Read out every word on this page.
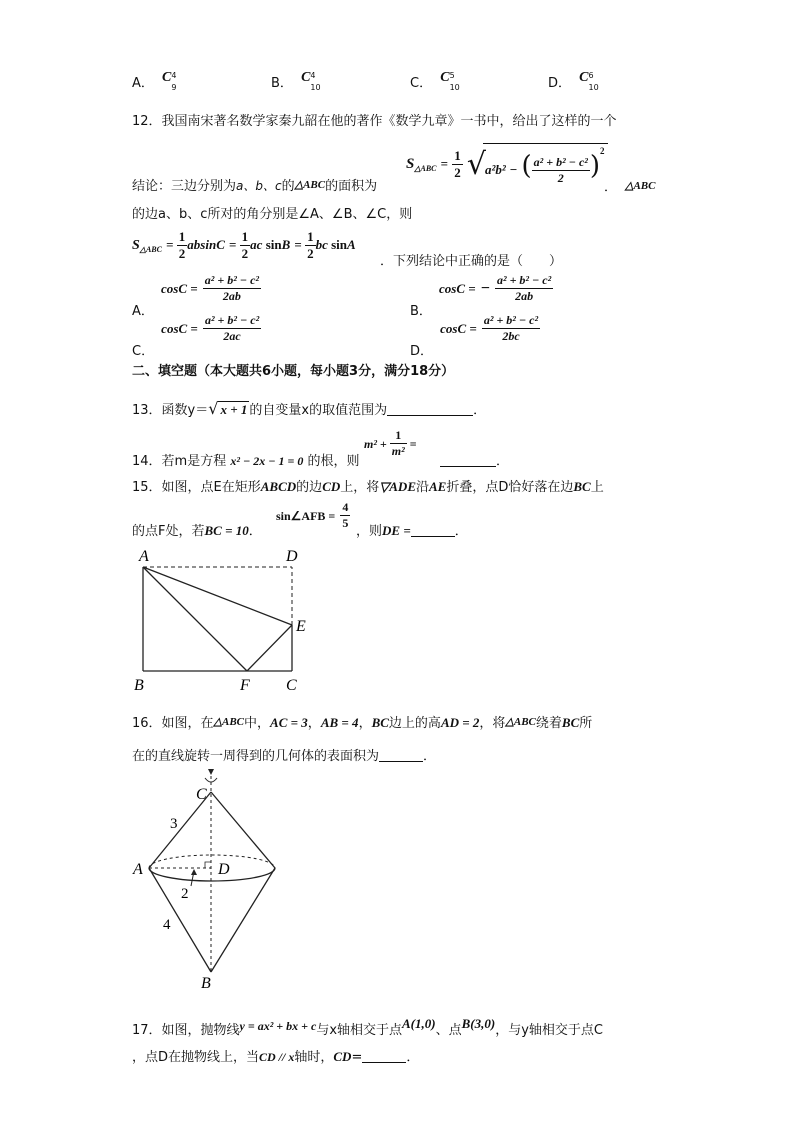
A． C 4
9	B． C 4
10	C． C 5
10	D． C 6
10
12．我国南宋著名数学家秦九韶在他的著作《数学九章》一书中，给出了这样的一个
$S_{\triangle ABC} = \frac{1}{2} √a^2b^2$ − ( $\frac{\text{a² + b² − c²}}{2} )^2$
结论：三边分别为a、b、c的△ABC的面积为	． △ABC
的边a、b、c所对的角分别是∠A、∠B、∠C，则
$S_{\triangle ABC} = \frac{1}{2}$ $absinC = \frac{1}{2}$ ac $\sin B = \frac{1}{2}$ bc sinA
．下列结论中正确的是（　　）
$_{A.}$ $\cos C = \frac{\text{a² + b² − c²}}{2ab}$
$_{B.}$ cosC = − $\frac{\text{a² + b² − c²}}{2ab}$
$_{C.}$ $\cos C = \frac{\text{a² + b² − c²}}{2ac}$
$_{D.}$ $\cos C = \frac{\text{a² + b² − c²}}{2bc}$
二、填空题（本大题共6小题，每小题3分，满分18分）
13．函数y＝√ x + 1 的自变量x的取值范围为	．
14．若m是方程 x² − 2x − 1 = 0 的根，则
$m^2 + \frac{1}{\text{m²}}$ =
．
15．如图，点E在矩形ABCD的边CD上，将▽ADE沿AE折叠，点D恰好落在边BC上
的点F处，若BC = 10．
sin∠AFB = $\frac{4}{5}$
，则DE =	．
A	D
E
B	F C
16．如图，在△ABC中，AC = 3，AB = 4，BC边上的高AD = 2，将△ABC绕着BC所
在的直线旋转一周得到的几何体的表面积为	．
C
A	D
B
3
2
4
17．如图，抛物线y = ax² + bx + c与x轴相交于点A(1,0)、点B(3,0)，与y轴相交于点C
，点D在抛物线上，当CD // x轴时，CD=	．
